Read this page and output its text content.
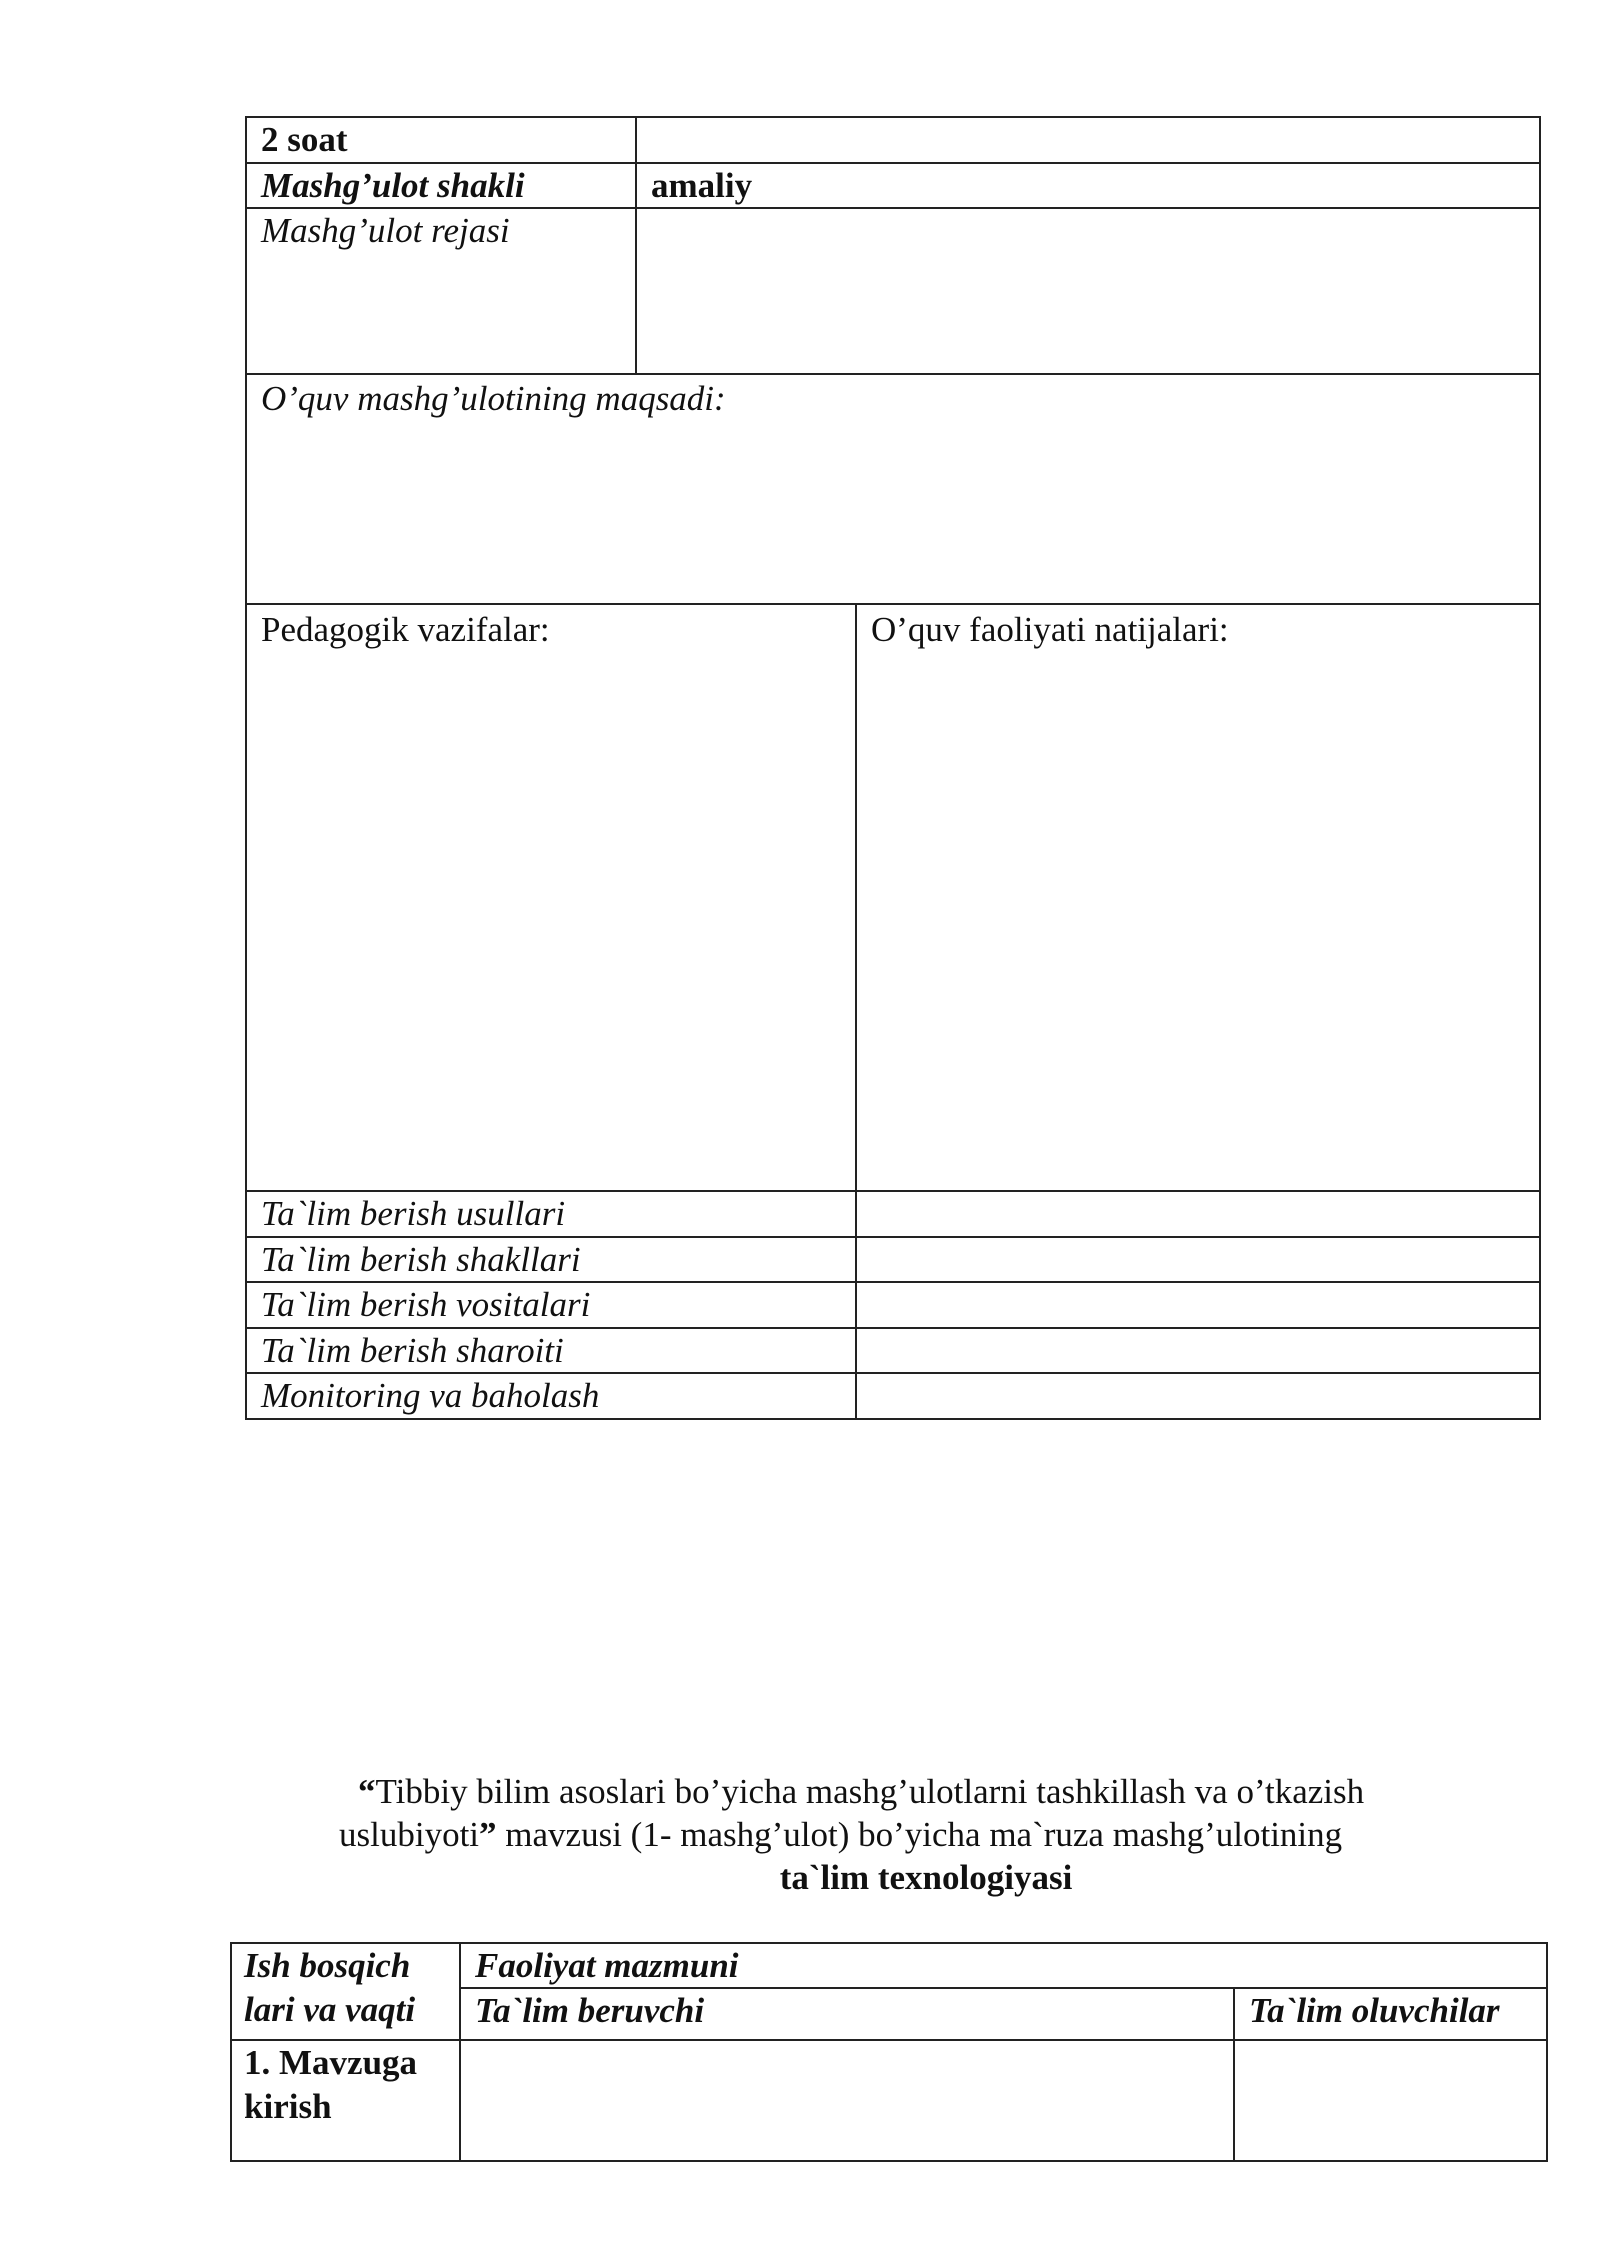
2 soat
Mashg’ulot shakli	amaliy
Mashg’ulot rejasi
O’quv mashg’ulotining maqsadi:
Pedagogik vazifalar:	O’quv faoliyati natijalari:
Ta`lim berish usullari
Ta`lim berish shakllari
Ta`lim berish vositalari
Ta`lim berish sharoiti
Monitoring va baholash
“Tibbiy bilim asoslari bo’yicha mashg’ulotlarni tashkillash va o’tkazish
uslubiyoti” mavzusi (1- mashg’ulot) bo’yicha ma`ruza mashg’ulotining
ta`lim texnologiyasi
Ish bosqich
lari va vaqti
Faoliyat mazmuni
Ta`lim beruvchi	Ta`lim oluvchilar
1. Mavzuga
kirish
